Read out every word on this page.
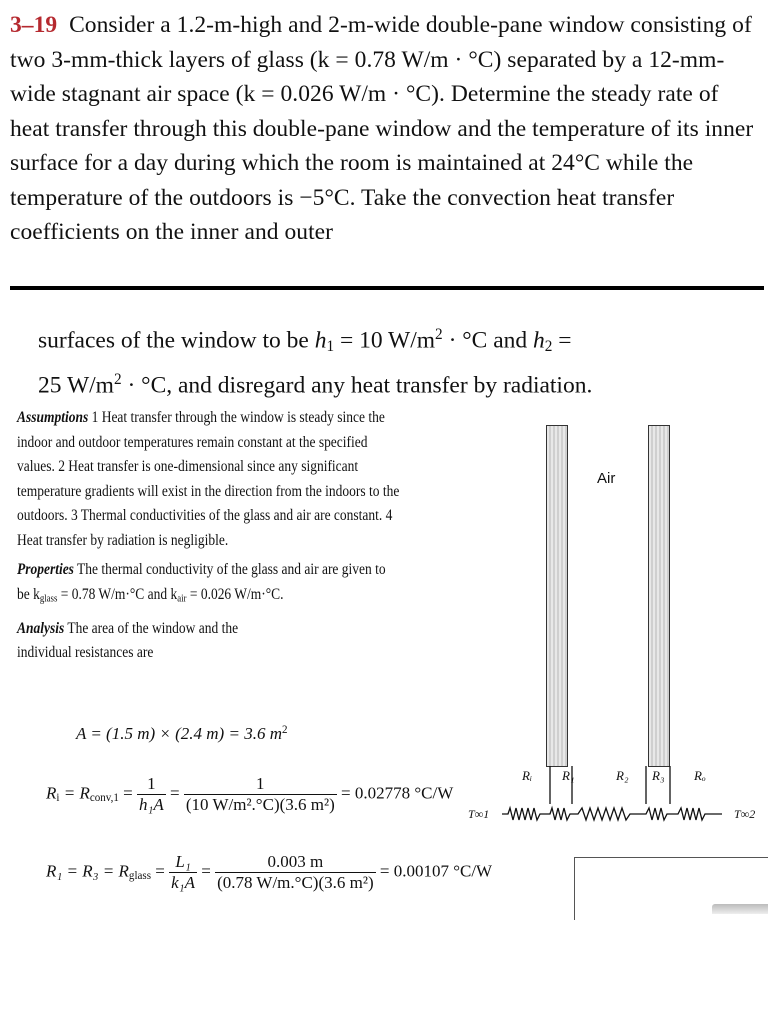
3–19 Consider a 1.2-m-high and 2-m-wide double-pane window consisting of two 3-mm-thick layers of glass (k = 0.78 W/m · °C) separated by a 12-mm-wide stagnant air space (k = 0.026 W/m · °C). Determine the steady rate of heat transfer through this double-pane window and the temperature of its inner surface for a day during which the room is maintained at 24°C while the temperature of the outdoors is −5°C. Take the convection heat transfer coefficients on the inner and outer
surfaces of the window to be $h_1 = 10$ $W/m^2 \cdot ^\circ C$ and $h_2$ =
25 $W/m^2 \cdot ^\circ C$, and disregard any heat transfer by radiation.

Assumptions 1 Heat transfer through the window is steady since the indoor and outdoor temperatures remain constant at the specified values. 2 Heat transfer is one-dimensional since any significant temperature gradients will exist in the direction from the indoors to the outdoors. 3 Thermal conductivities of the glass and air are constant. 4 Heat transfer by radiation is negligible.

Properties The thermal conductivity of the glass and air are given to be $k_{glass} = 0.78$ W/m·°C and $k_{air} = 0.026$ W/m·°C.

Analysis The area of the window and the individual resistances are

A = (1.5 m) × (2.4 m) = 3.6 $m^2$
$R_i = R_{conv,1} = \frac{1}{\text{h₁A}} = \frac{1}{\text{(10 W/m².°C)(3.6 m²)}} = 0.02778$ °C/W
$R_1 = R_3 = R_{glass} = \frac{\text{L₁}}{\text{k₁A}} = \frac{0.003 m}{\text{(0.78 W/m.°C)(3.6 m²)}} = 0.00107$ °C/W
Air
Rᵢ R₁	R₂ R₃ Rₒ
T∞1	T∞2
